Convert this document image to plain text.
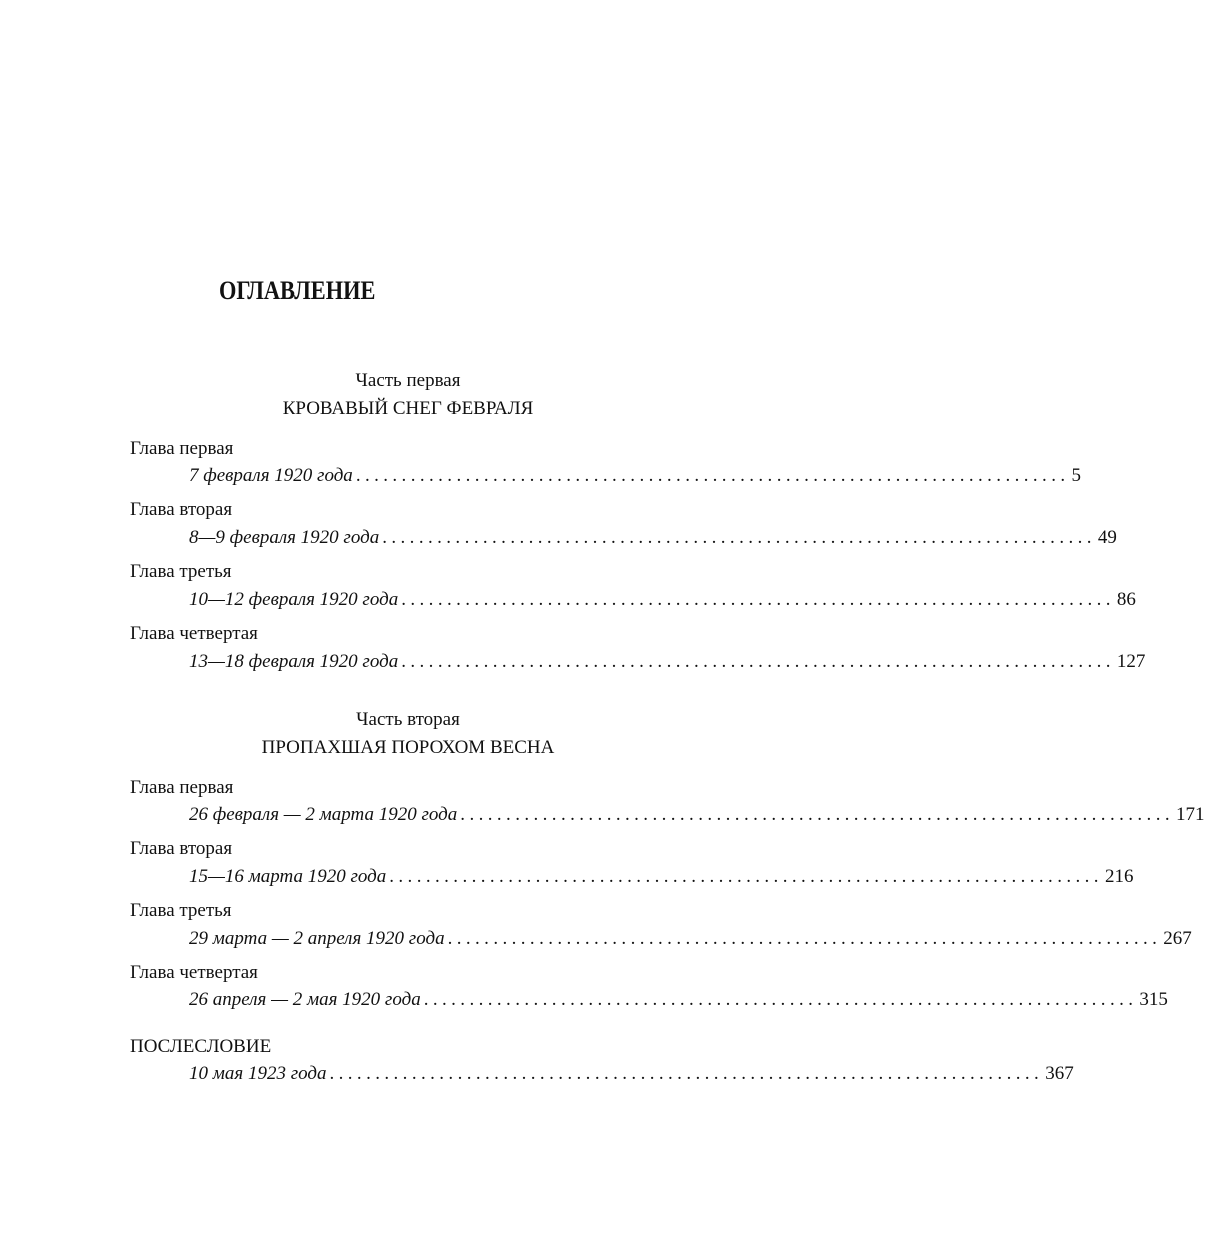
ОГЛАВЛЕНИЕ
Часть первая
КРОВАВЫЙ СНЕГ ФЕВРАЛЯ
Глава первая
7 февраля 1920 года .............................................................................. 5
Глава вторая
8—9 февраля 1920 года .............................................................................. 49
Глава третья
10—12 февраля 1920 года .............................................................................. 86
Глава четвертая
13—18 февраля 1920 года .............................................................................. 127
Часть вторая
ПРОПАХШАЯ ПОРОХОМ ВЕСНА
Глава первая
26 февраля — 2 марта 1920 года .............................................................................. 171
Глава вторая
15—16 марта 1920 года .............................................................................. 216
Глава третья
29 марта — 2 апреля 1920 года .............................................................................. 267
Глава четвертая
26 апреля — 2 мая 1920 года .............................................................................. 315
ПОСЛЕСЛОВИЕ
10 мая 1923 года .............................................................................. 367
